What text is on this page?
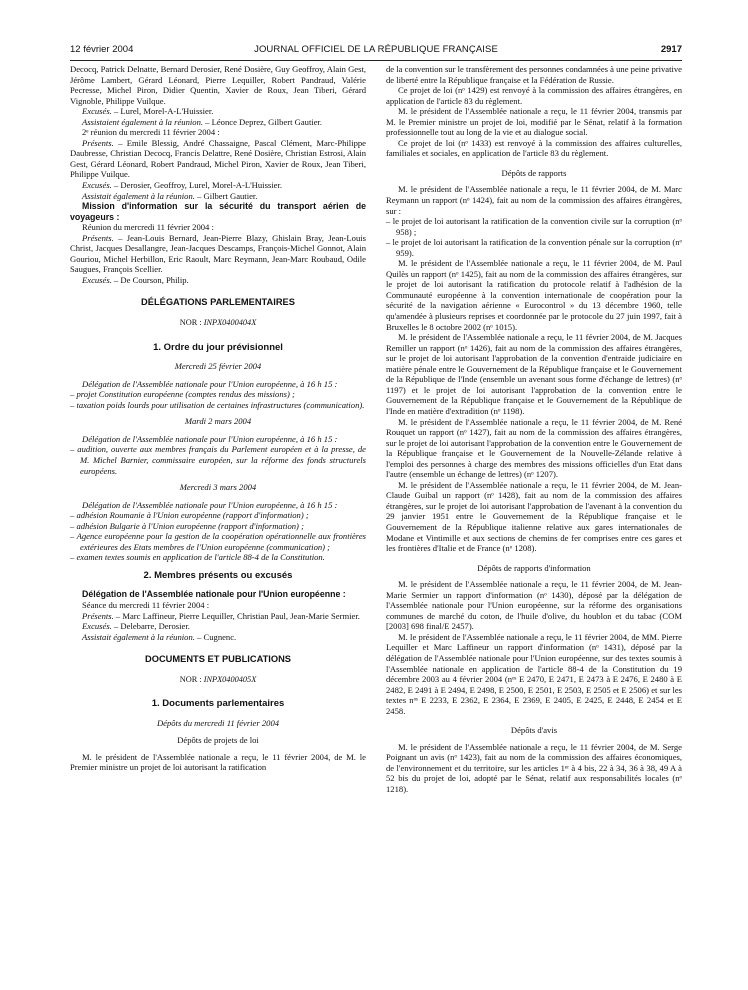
12 février 2004	JOURNAL OFFICIEL DE LA RÉPUBLIQUE FRANÇAISE	2917

Decocq, Patrick Delnatte, Bernard Derosier, René Dosière, Guy Geoffroy, Alain Gest, Jérôme Lambert, Gérard Léonard, Pierre Lequiller, Robert Pandraud, Valérie Pecresse, Michel Piron, Didier Quentin, Xavier de Roux, Jean Tiberi, Gérard Vignoble, Philippe Vuilque.

Excusés. – Lurel, Morel-A-L'Huissier.

Assistaient également à la réunion. – Léonce Deprez, Gilbert Gautier.

2ᵉ réunion du mercredi 11 février 2004 :

Présents. – Emile Blessig, André Chassaigne, Pascal Clément, Marc-Philippe Daubresse, Christian Decocq, Francis Delattre, René Dosière, Christian Estrosi, Alain Gest, Gérard Léonard, Robert Pandraud, Michel Piron, Xavier de Roux, Jean Tiberi, Philippe Vuilque.

Excusés. – Derosier, Geoffroy, Lurel, Morel-A-L'Huissier.

Assistait également à la réunion. – Gilbert Gautier.

Mission d'information sur la sécurité du transport aérien de voyageurs :

Réunion du mercredi 11 février 2004 :

Présents. – Jean-Louis Bernard, Jean-Pierre Blazy, Ghislain Bray, Jean-Louis Christ, Jacques Desallangre, Jean-Jacques Descamps, François-Michel Gonnot, Alain Gouriou, Michel Herbillon, Eric Raoult, Marc Reymann, Jean-Marc Roubaud, Odile Saugues, François Scellier.

Excusés. – De Courson, Philip.

DÉLÉGATIONS PARLEMENTAIRES

NOR : INPX0400404X

1. Ordre du jour prévisionnel

Mercredi 25 février 2004

Délégation de l'Assemblée nationale pour l'Union européenne, à 16 h 15 :

– projet Constitution européenne (comptes rendus des missions) ;

– taxation poids lourds pour utilisation de certaines infrastructures (communication).

Mardi 2 mars 2004

Délégation de l'Assemblée nationale pour l'Union européenne, à 16 h 15 :

– audition, ouverte aux membres français du Parlement européen et à la presse, de M. Michel Barnier, commissaire européen, sur la réforme des fonds structurels européens.

Mercredi 3 mars 2004

Délégation de l'Assemblée nationale pour l'Union européenne, à 16 h 15 :

– adhésion Roumanie à l'Union européenne (rapport d'information) ;

– adhésion Bulgarie à l'Union européenne (rapport d'information) ;

– Agence européenne pour la gestion de la coopération opérationnelle aux frontières extérieures des Etats membres de l'Union européenne (communication) ;

– examen textes soumis en application de l'article 88-4 de la Constitution.

2. Membres présents ou excusés

Délégation de l'Assemblée nationale pour l'Union européenne :

Séance du mercredi 11 février 2004 :

Présents. – Marc Laffineur, Pierre Lequiller, Christian Paul, Jean-Marie Sermier.

Excusés. – Delebarre, Derosier.

Assistait également à la réunion. – Cugnenc.

DOCUMENTS ET PUBLICATIONS

NOR : INPX0400405X

1. Documents parlementaires

Dépôts du mercredi 11 février 2004

Dépôts de projets de loi

M. le président de l'Assemblée nationale a reçu, le 11 février 2004, de M. le Premier ministre un projet de loi autorisant la ratification

de la convention sur le transfèrement des personnes condamnées à une peine privative de liberté entre la République française et la Fédération de Russie.

Ce projet de loi (nᵒ 1429) est renvoyé à la commission des affaires étrangères, en application de l'article 83 du règlement.

M. le président de l'Assemblée nationale a reçu, le 11 février 2004, transmis par M. le Premier ministre un projet de loi, modifié par le Sénat, relatif à la formation professionnelle tout au long de la vie et au dialogue social.

Ce projet de loi (nᵒ 1433) est renvoyé à la commission des affaires culturelles, familiales et sociales, en application de l'article 83 du règlement.

Dépôts de rapports

M. le président de l'Assemblée nationale a reçu, le 11 février 2004, de M. Marc Reymann un rapport (nᵒ 1424), fait au nom de la commission des affaires étrangères, sur :

– le projet de loi autorisant la ratification de la convention civile sur la corruption (nᵒ 958) ;

– le projet de loi autorisant la ratification de la convention pénale sur la corruption (nᵒ 959).

M. le président de l'Assemblée nationale a reçu, le 11 février 2004, de M. Paul Quilès un rapport (nᵒ 1425), fait au nom de la commission des affaires étrangères, sur le projet de loi autorisant la ratification du protocole relatif à l'adhésion de la Communauté européenne à la convention internationale de coopération pour la sécurité de la navigation aérienne « Eurocontrol » du 13 décembre 1960, telle qu'amendée à plusieurs reprises et coordonnée par le protocole du 27 juin 1997, fait à Bruxelles le 8 octobre 2002 (nᵒ 1015).

M. le président de l'Assemblée nationale a reçu, le 11 février 2004, de M. Jacques Remiller un rapport (nᵒ 1426), fait au nom de la commission des affaires étrangères, sur le projet de loi autorisant l'approbation de la convention d'entraide judiciaire en matière pénale entre le Gouvernement de la République française et le Gouvernement de la République de l'Inde (ensemble un avenant sous forme d'échange de lettres) (nᵒ 1197) et le projet de loi autorisant l'approbation de la convention entre le Gouvernement de la République française et le Gouvernement de la République de l'Inde en matière d'extradition (nᵒ 1198).

M. le président de l'Assemblée nationale a reçu, le 11 février 2004, de M. René Rouquet un rapport (nᵒ 1427), fait au nom de la commission des affaires étrangères, sur le projet de loi autorisant l'approbation de la convention entre le Gouvernement de la République française et le Gouvernement de la Nouvelle-Zélande relative à l'emploi des personnes à charge des membres des missions officielles d'un Etat dans l'autre (ensemble un échange de lettres) (nᵒ 1207).

M. le président de l'Assemblée nationale a reçu, le 11 février 2004, de M. Jean-Claude Guibal un rapport (nᵒ 1428), fait au nom de la commission des affaires étrangères, sur le projet de loi autorisant l'approbation de l'avenant à la convention du 29 janvier 1951 entre le Gouvernement de la République française et le Gouvernement de la République italienne relative aux gares internationales de Modane et Vintimille et aux sections de chemins de fer comprises entre ces gares et les frontières d'Italie et de France (nᵒ 1208).

Dépôts de rapports d'information

M. le président de l'Assemblée nationale a reçu, le 11 février 2004, de M. Jean-Marie Sermier un rapport d'information (nᵒ 1430), déposé par la délégation de l'Assemblée nationale pour l'Union européenne, sur la réforme des organisations communes de marché du coton, de l'huile d'olive, du houblon et du tabac (COM [2003] 698 final/E 2457).

M. le président de l'Assemblée nationale a reçu, le 11 février 2004, de MM. Pierre Lequiller et Marc Laffineur un rapport d'information (nᵒ 1431), déposé par la délégation de l'Assemblée nationale pour l'Union européenne, sur des textes soumis à l'Assemblée nationale en application de l'article 88-4 de la Constitution du 19 décembre 2003 au 4 février 2004 (nᵒˢ E 2470, E 2471, E 2473 à E 2476, E 2480 à E 2482, E 2491 à E 2494, E 2498, E 2500, E 2501, E 2503, E 2505 et E 2506) et sur les textes nᵒˢ E 2233, E 2362, E 2364, E 2369, E 2405, E 2425, E 2448, E 2454 et E 2458.

Dépôts d'avis

M. le président de l'Assemblée nationale a reçu, le 11 février 2004, de M. Serge Poignant un avis (nᵒ 1423), fait au nom de la commission des affaires économiques, de l'environnement et du territoire, sur les articles 1ᵉʳ à 4 bis, 22 à 34, 36 à 38, 49 A à 52 bis du projet de loi, adopté par le Sénat, relatif aux responsabilités locales (nᵒ 1218).
